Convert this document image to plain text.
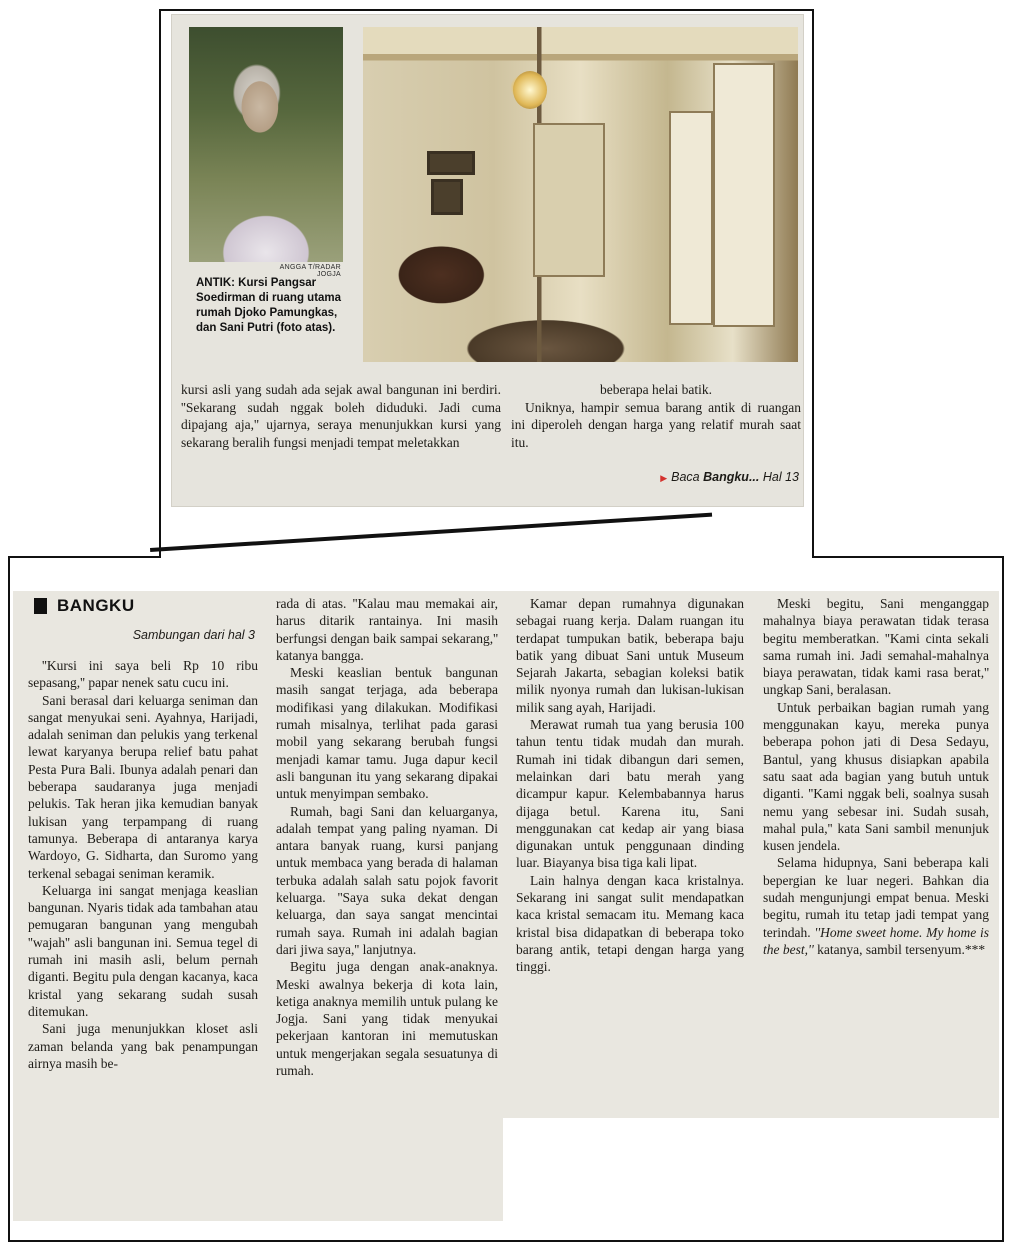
ANGGA T/RADAR JOGJA
ANTIK: Kursi Pangsar Soedirman di ruang utama rumah Djoko Pamungkas, dan Sani Putri (foto atas).

kursi asli yang sudah ada sejak awal bangunan ini berdiri. ''Sekarang sudah nggak boleh diduduki. Jadi cuma dipajang aja,'' ujarnya, seraya menunjukkan kursi yang sekarang beralih fungsi menjadi tempat meletakkan

beberapa helai batik.

Uniknya, hampir semua barang antik di ruangan ini diperoleh dengan harga yang relatif murah saat itu.

▶ Baca Bangku... Hal 13
BANGKU
Sambungan dari hal 3

''Kursi ini saya beli Rp 10 ribu sepasang,'' papar nenek satu cucu ini.

Sani berasal dari keluarga seniman dan sangat menyukai seni. Ayahnya, Harijadi, adalah seniman dan pelukis yang terkenal lewat karyanya berupa relief batu pahat Pesta Pura Bali. Ibunya adalah penari dan beberapa saudaranya juga menjadi pelukis. Tak heran jika kemudian banyak lukisan yang terpampang di ruang tamunya. Beberapa di antaranya karya Wardoyo, G. Sidharta, dan Suromo yang terkenal sebagai seniman keramik.

Keluarga ini sangat menjaga keaslian bangunan. Nyaris tidak ada tambahan atau pemugaran bangunan yang mengubah ''wajah'' asli bangunan ini. Semua tegel di rumah ini masih asli, belum pernah diganti. Begitu pula dengan kacanya, kaca kristal yang sekarang sudah susah ditemukan.

Sani juga menunjukkan kloset asli zaman belanda yang bak penampungan airnya masih be-

rada di atas. ''Kalau mau memakai air, harus ditarik rantainya. Ini masih berfungsi dengan baik sampai sekarang,'' katanya bangga.

Meski keaslian bentuk bangunan masih sangat terjaga, ada beberapa modifikasi yang dilakukan. Modifikasi rumah misalnya, terlihat pada garasi mobil yang sekarang berubah fungsi menjadi kamar tamu. Juga dapur kecil asli bangunan itu yang sekarang dipakai untuk menyimpan sembako.

Rumah, bagi Sani dan keluarganya, adalah tempat yang paling nyaman. Di antara banyak ruang, kursi panjang untuk membaca yang berada di halaman terbuka adalah salah satu pojok favorit keluarga. ''Saya suka dekat dengan keluarga, dan saya sangat mencintai rumah saya. Rumah ini adalah bagian dari jiwa saya,'' lanjutnya.

Begitu juga dengan anak-anaknya. Meski awalnya bekerja di kota lain, ketiga anaknya memilih untuk pulang ke Jogja. Sani yang tidak menyukai pekerjaan kantoran ini memutuskan untuk mengerjakan segala sesuatunya di rumah.

Kamar depan rumahnya digunakan sebagai ruang kerja. Dalam ruangan itu terdapat tumpukan batik, beberapa baju batik yang dibuat Sani untuk Museum Sejarah Jakarta, sebagian koleksi batik milik nyonya rumah dan lukisan-lukisan milik sang ayah, Harijadi.

Merawat rumah tua yang berusia 100 tahun tentu tidak mudah dan murah. Rumah ini tidak dibangun dari semen, melainkan dari batu merah yang dicampur kapur. Kelembabannya harus dijaga betul. Karena itu, Sani menggunakan cat kedap air yang biasa digunakan untuk penggunaan dinding luar. Biayanya bisa tiga kali lipat.

Lain halnya dengan kaca kristalnya. Sekarang ini sangat sulit mendapatkan kaca kristal semacam itu. Memang kaca kristal bisa didapatkan di beberapa toko barang antik, tetapi dengan harga yang tinggi.

Meski begitu, Sani menganggap mahalnya biaya perawatan tidak terasa begitu memberatkan. ''Kami cinta sekali sama rumah ini. Jadi semahal-mahalnya biaya perawatan, tidak kami rasa berat,'' ungkap Sani, beralasan.

Untuk perbaikan bagian rumah yang menggunakan kayu, mereka punya beberapa pohon jati di Desa Sedayu, Bantul, yang khusus disiapkan apabila satu saat ada bagian yang butuh untuk diganti. ''Kami nggak beli, soalnya susah nemu yang sebesar ini. Sudah susah, mahal pula,'' kata Sani sambil menunjuk kusen jendela.

Selama hidupnya, Sani beberapa kali bepergian ke luar negeri. Bahkan dia sudah mengunjungi empat benua. Meski begitu, rumah itu tetap jadi tempat yang terindah. ''Home sweet home. My home is the best,'' katanya, sambil tersenyum.***
